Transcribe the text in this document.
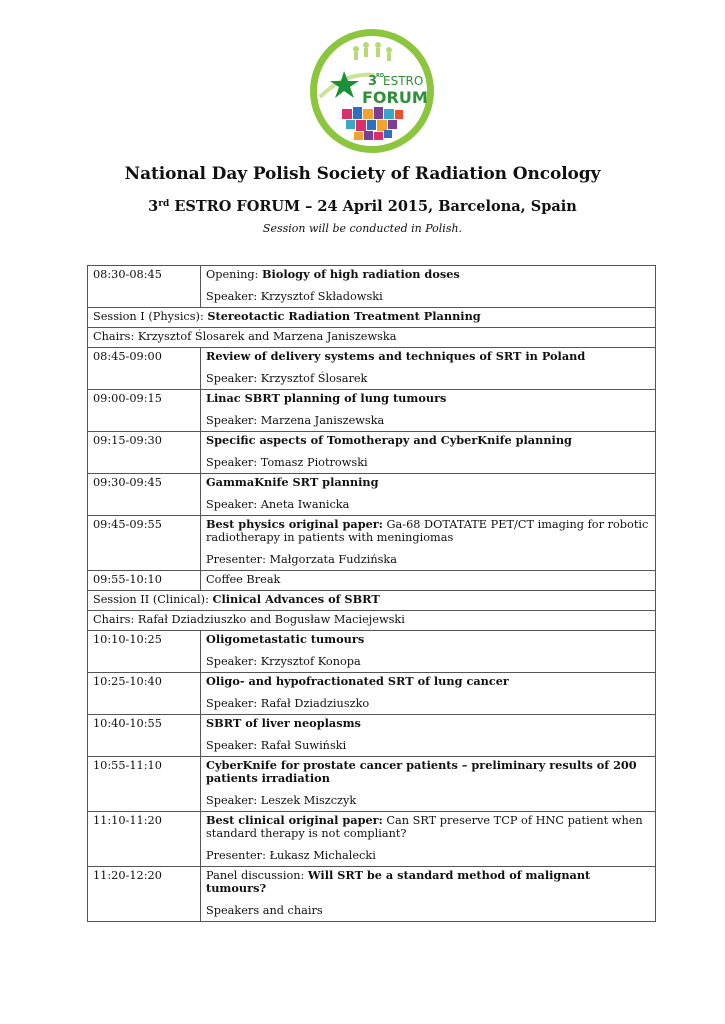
3
RD
ESTRO
FORUM
National Day Polish Society of Radiation Oncology
3rd ESTRO FORUM – 24 April 2015, Barcelona, Spain
Session will be conducted in Polish.
08:30-08:45	Opening: Biology of high radiation doses

Speaker: Krzysztof Składowski

Session I (Physics): Stereotactic Radiation Treatment Planning	
Chairs: Krzysztof Ślosarek and Marzena Janiszewska	
08:45-09:00	Review of delivery systems and techniques of SRT in Poland

Speaker: Krzysztof Ślosarek

09:00-09:15	Linac SBRT planning of lung tumours

Speaker: Marzena Janiszewska

09:15-09:30	Specific aspects of Tomotherapy and CyberKnife planning

Speaker: Tomasz Piotrowski

09:30-09:45	GammaKnife SRT planning

Speaker: Aneta Iwanicka

09:45-09:55	Best physics original paper: Ga-68 DOTATATE PET/CT imaging for robotic radiotherapy in patients with meningiomas

Presenter: Małgorzata Fudzińska

09:55-10:10	Coffee Break
Session II (Clinical): Clinical Advances of SBRT	
Chairs: Rafał Dziadziuszko and Bogusław Maciejewski	
10:10-10:25	Oligometastatic tumours

Speaker: Krzysztof Konopa

10:25-10:40	Oligo- and hypofractionated SRT of lung cancer

Speaker: Rafał Dziadziuszko

10:40-10:55	SBRT of liver neoplasms

Speaker: Rafał Suwiński

10:55-11:10	CyberKnife for prostate cancer patients – preliminary results of 200 patients irradiation

Speaker: Leszek Miszczyk

11:10-11:20	Best clinical original paper: Can SRT preserve TCP of HNC patient when standard therapy is not compliant?

Presenter: Łukasz Michalecki

11:20-12:20	Panel discussion: Will SRT be a standard method of malignant tumours?

Speakers and chairs
